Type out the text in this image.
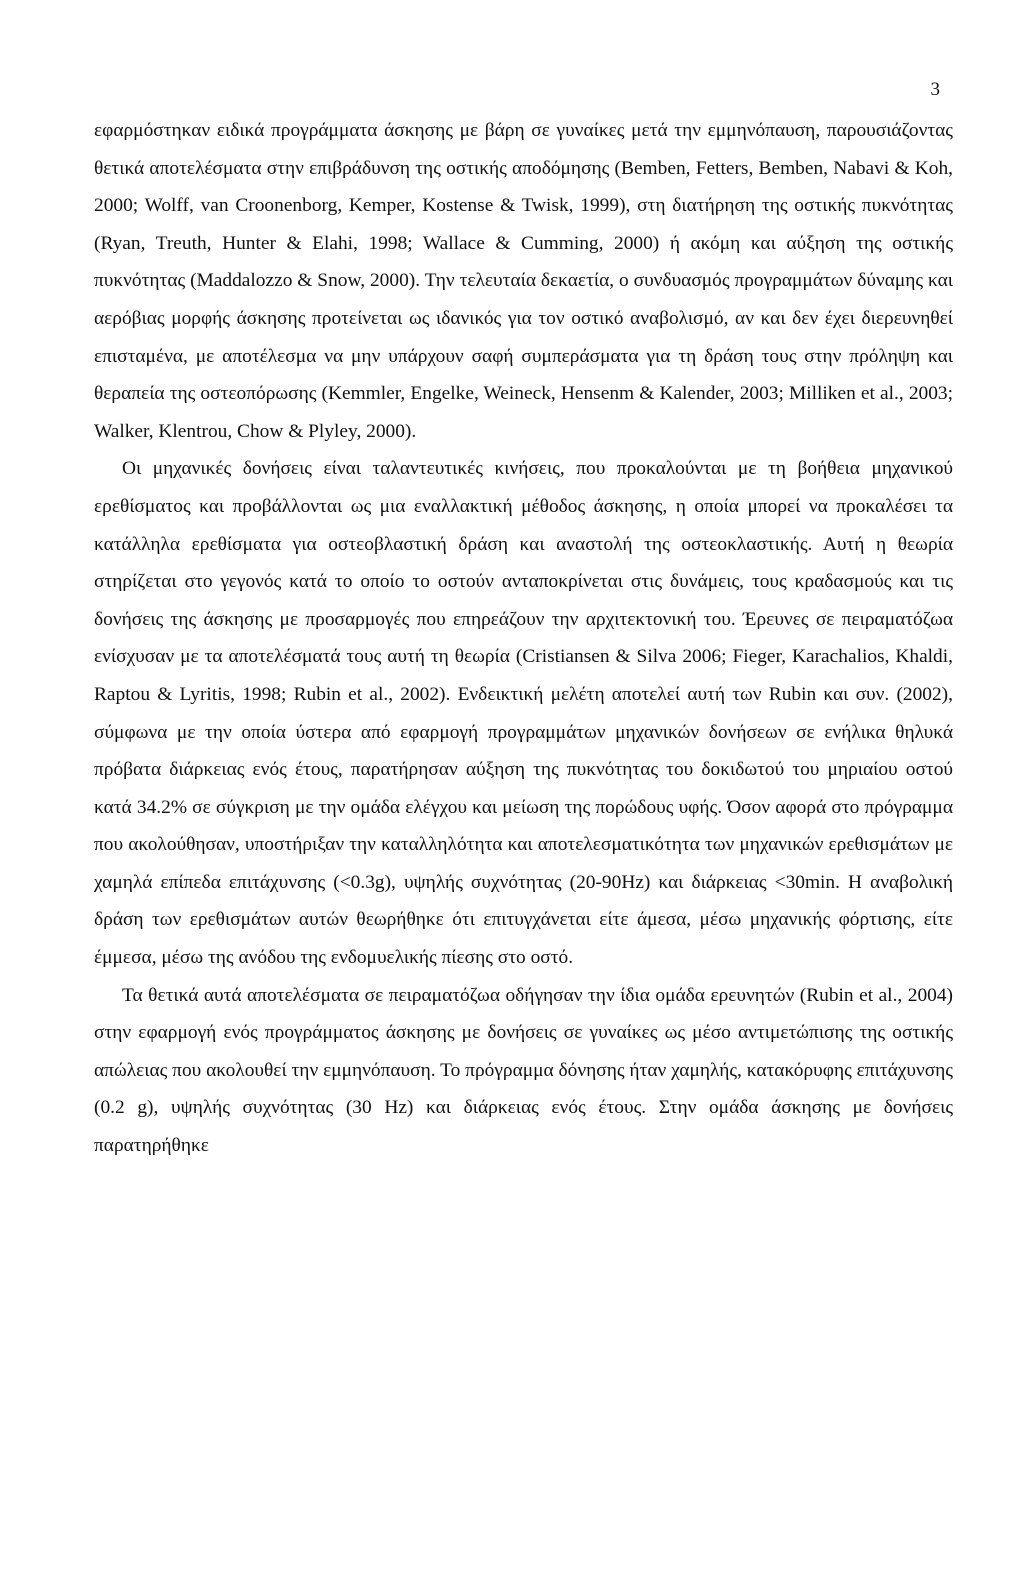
3

εφαρμόστηκαν ειδικά προγράμματα άσκησης με βάρη σε γυναίκες μετά την εμμηνόπαυση, παρουσιάζοντας θετικά αποτελέσματα στην επιβράδυνση της οστικής αποδόμησης (Bemben, Fetters, Bemben, Nabavi & Koh, 2000; Wolff, van Croonenborg, Kemper, Kostense & Twisk, 1999), στη διατήρηση της οστικής πυκνότητας (Ryan, Treuth, Hunter & Elahi, 1998; Wallace & Cumming, 2000) ή ακόμη και αύξηση της οστικής πυκνότητας (Maddalozzo & Snow, 2000). Την τελευταία δεκαετία, ο συνδυασμός προγραμμάτων δύναμης και αερόβιας μορφής άσκησης προτείνεται ως ιδανικός για τον οστικό αναβολισμό, αν και δεν έχει διερευνηθεί επισταμένα, με αποτέλεσμα να μην υπάρχουν σαφή συμπεράσματα για τη δράση τους στην πρόληψη και θεραπεία της οστεοπόρωσης (Kemmler, Engelke, Weineck, Hensenm & Kalender, 2003; Milliken et al., 2003; Walker, Klentrou, Chow & Plyley, 2000).

Οι μηχανικές δονήσεις είναι ταλαντευτικές κινήσεις, που προκαλούνται με τη βοήθεια μηχανικού ερεθίσματος και προβάλλονται ως μια εναλλακτική μέθοδος άσκησης, η οποία μπορεί να προκαλέσει τα κατάλληλα ερεθίσματα για οστεοβλαστική δράση και αναστολή της οστεοκλαστικής. Αυτή η θεωρία στηρίζεται στο γεγονός κατά το οποίο το οστούν ανταποκρίνεται στις δυνάμεις, τους κραδασμούς και τις δονήσεις της άσκησης με προσαρμογές που επηρεάζουν την αρχιτεκτονική του. Έρευνες σε πειραματόζωα ενίσχυσαν με τα αποτελέσματά τους αυτή τη θεωρία (Cristiansen & Silva 2006; Fieger, Karachalios, Khaldi, Raptou & Lyritis, 1998; Rubin et al., 2002). Ενδεικτική μελέτη αποτελεί αυτή των Rubin και συν. (2002), σύμφωνα με την οποία ύστερα από εφαρμογή προγραμμάτων μηχανικών δονήσεων σε ενήλικα θηλυκά πρόβατα διάρκειας ενός έτους, παρατήρησαν αύξηση της πυκνότητας του δοκιδωτού του μηριαίου οστού κατά 34.2% σε σύγκριση με την ομάδα ελέγχου και μείωση της πορώδους υφής. Όσον αφορά στο πρόγραμμα που ακολούθησαν, υποστήριξαν την καταλληλότητα και αποτελεσματικότητα των μηχανικών ερεθισμάτων με χαμηλά επίπεδα επιτάχυνσης (<0.3g), υψηλής συχνότητας (20-90Hz) και διάρκειας <30min. Η αναβολική δράση των ερεθισμάτων αυτών θεωρήθηκε ότι επιτυγχάνεται είτε άμεσα, μέσω μηχανικής φόρτισης, είτε έμμεσα, μέσω της ανόδου της ενδομυελικής πίεσης στο οστό.

Τα θετικά αυτά αποτελέσματα σε πειραματόζωα οδήγησαν την ίδια ομάδα ερευνητών (Rubin et al., 2004) στην εφαρμογή ενός προγράμματος άσκησης με δονήσεις σε γυναίκες ως μέσο αντιμετώπισης της οστικής απώλειας που ακολουθεί την εμμηνόπαυση. Το πρόγραμμα δόνησης ήταν χαμηλής, κατακόρυφης επιτάχυνσης (0.2 g), υψηλής συχνότητας (30 Hz) και διάρκειας ενός έτους. Στην ομάδα άσκησης με δονήσεις παρατηρήθηκε
